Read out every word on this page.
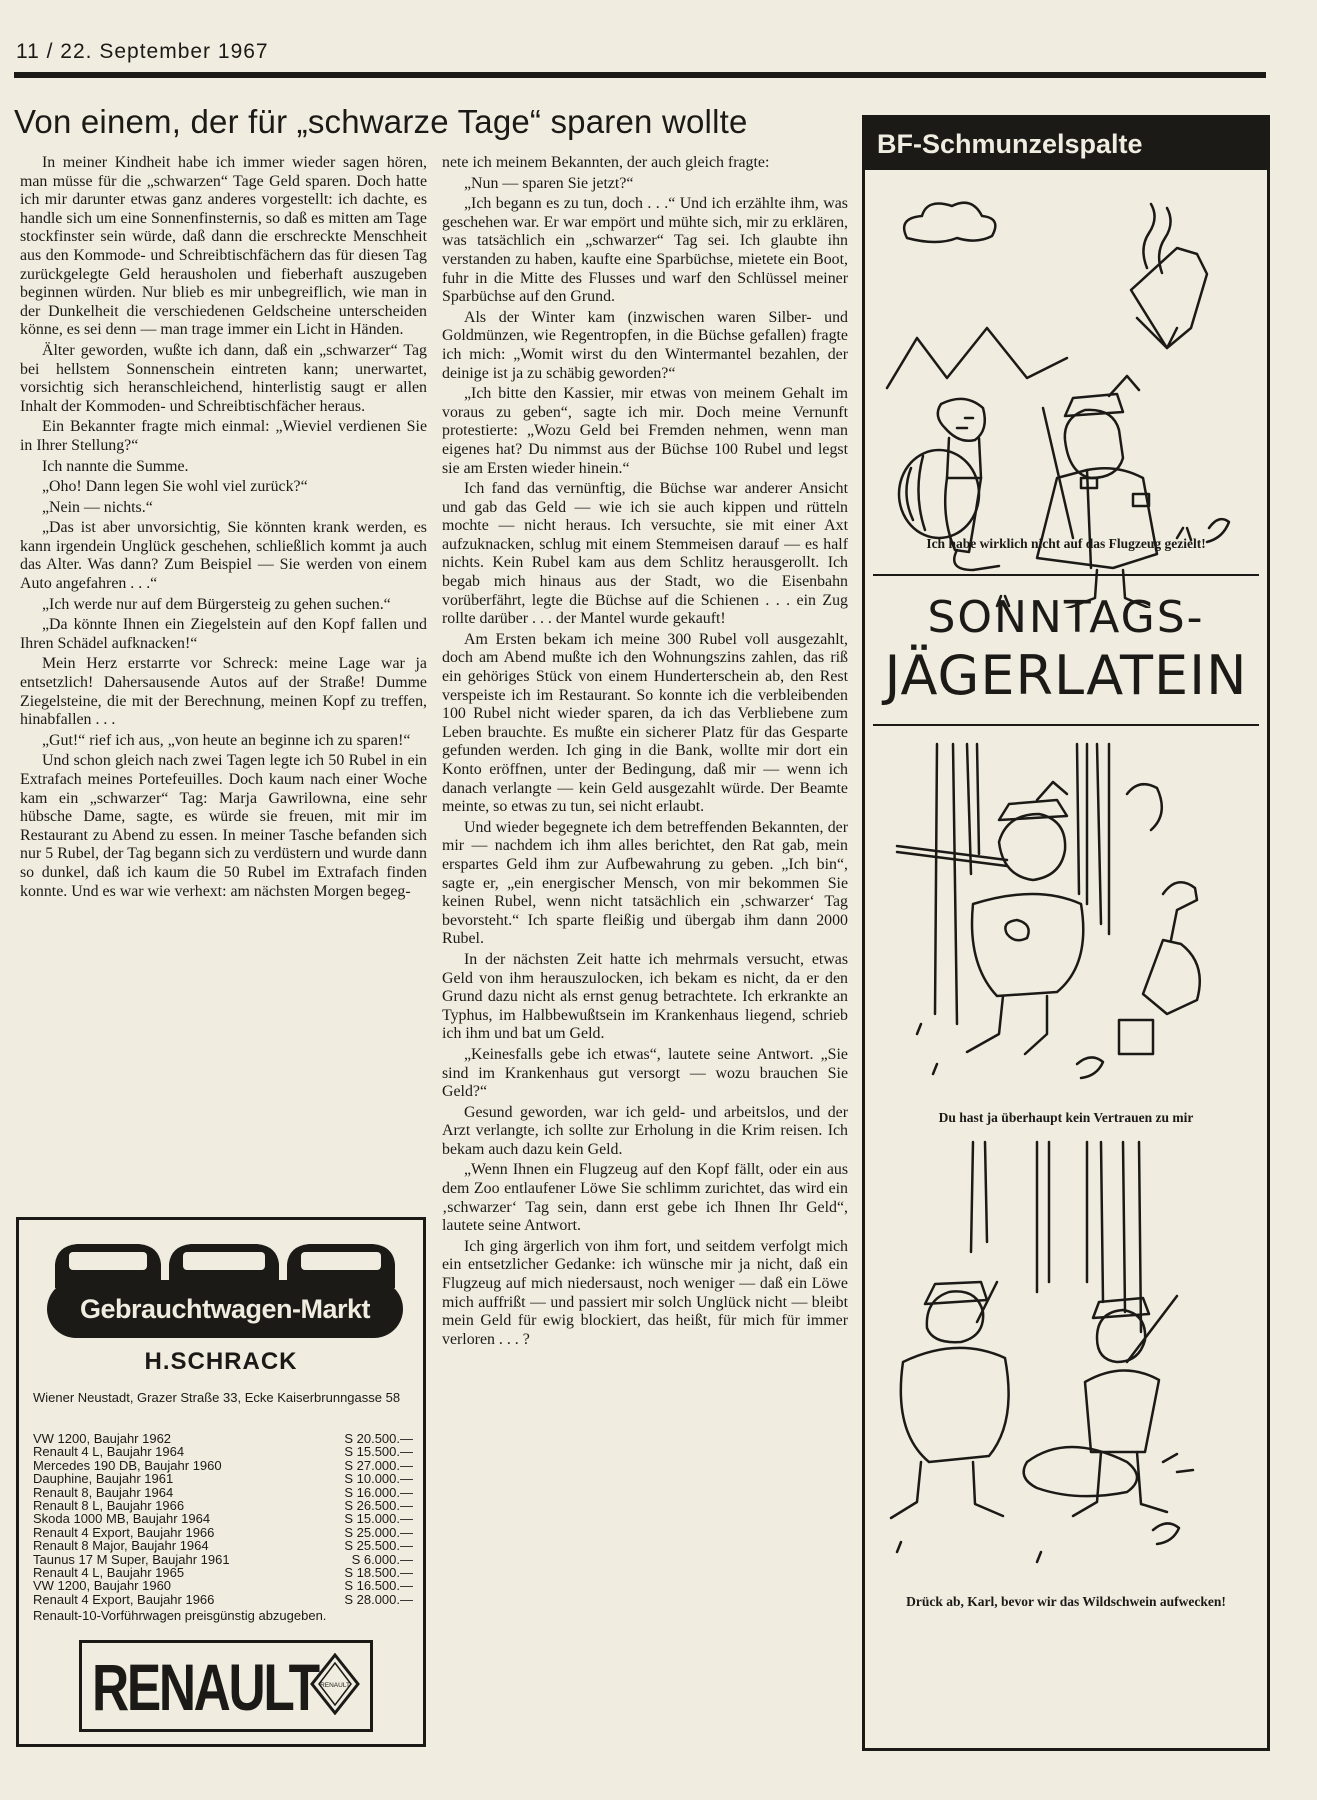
11 / 22. September 1967
Von einem, der für „schwarze Tage“ sparen wollte

In meiner Kindheit habe ich immer wieder sagen hören, man müsse für die „schwarzen“ Tage Geld sparen. Doch hatte ich mir darunter etwas ganz anderes vorgestellt: ich dachte, es handle sich um eine Sonnenfinsternis, so daß es mitten am Tage stockfinster sein würde, daß dann die erschreckte Menschheit aus den Kommode- und Schreibtischfächern das für diesen Tag zurückgelegte Geld herausholen und fieberhaft auszugeben beginnen würden. Nur blieb es mir unbegreiflich, wie man in der Dunkelheit die verschiedenen Geldscheine unterscheiden könne, es sei denn — man trage immer ein Licht in Händen.

Älter geworden, wußte ich dann, daß ein „schwarzer“ Tag bei hellstem Sonnenschein eintreten kann; unerwartet, vorsichtig sich heranschleichend, hinterlistig saugt er allen Inhalt der Kommoden- und Schreibtischfächer heraus.

Ein Bekannter fragte mich einmal: „Wieviel verdienen Sie in Ihrer Stellung?“

Ich nannte die Summe.

„Oho! Dann legen Sie wohl viel zurück?“

„Nein — nichts.“

„Das ist aber unvorsichtig, Sie könnten krank werden, es kann irgendein Unglück geschehen, schließlich kommt ja auch das Alter. Was dann? Zum Beispiel — Sie werden von einem Auto angefahren . . .“

„Ich werde nur auf dem Bürgersteig zu gehen suchen.“

„Da könnte Ihnen ein Ziegelstein auf den Kopf fallen und Ihren Schädel aufknacken!“

Mein Herz erstarrte vor Schreck: meine Lage war ja entsetzlich! Dahersausende Autos auf der Straße! Dumme Ziegelsteine, die mit der Berechnung, meinen Kopf zu treffen, hinabfallen . . .

„Gut!“ rief ich aus, „von heute an beginne ich zu sparen!“

Und schon gleich nach zwei Tagen legte ich 50 Rubel in ein Extrafach meines Portefeuilles. Doch kaum nach einer Woche kam ein „schwarzer“ Tag: Marja Gawrilowna, eine sehr hübsche Dame, sagte, es würde sie freuen, mit mir im Restaurant zu Abend zu essen. In meiner Tasche befanden sich nur 5 Rubel, der Tag begann sich zu verdüstern und wurde dann so dunkel, daß ich kaum die 50 Rubel im Extrafach finden konnte. Und es war wie verhext: am nächsten Morgen begeg-

nete ich meinem Bekannten, der auch gleich fragte:

„Nun — sparen Sie jetzt?“

„Ich begann es zu tun, doch . . .“ Und ich erzählte ihm, was geschehen war. Er war empört und mühte sich, mir zu erklären, was tatsächlich ein „schwarzer“ Tag sei. Ich glaubte ihn verstanden zu haben, kaufte eine Sparbüchse, mietete ein Boot, fuhr in die Mitte des Flusses und warf den Schlüssel meiner Sparbüchse auf den Grund.

Als der Winter kam (inzwischen waren Silber- und Goldmünzen, wie Regentropfen, in die Büchse gefallen) fragte ich mich: „Womit wirst du den Wintermantel bezahlen, der deinige ist ja zu schäbig geworden?“

„Ich bitte den Kassier, mir etwas von meinem Gehalt im voraus zu geben“, sagte ich mir. Doch meine Vernunft protestierte: „Wozu Geld bei Fremden nehmen, wenn man eigenes hat? Du nimmst aus der Büchse 100 Rubel und legst sie am Ersten wieder hinein.“

Ich fand das vernünftig, die Büchse war anderer Ansicht und gab das Geld — wie ich sie auch kippen und rütteln mochte — nicht heraus. Ich versuchte, sie mit einer Axt aufzuknacken, schlug mit einem Stemmeisen darauf — es half nichts. Kein Rubel kam aus dem Schlitz herausgerollt. Ich begab mich hinaus aus der Stadt, wo die Eisenbahn vorüberfährt, legte die Büchse auf die Schienen . . . ein Zug rollte darüber . . . der Mantel wurde gekauft!

Am Ersten bekam ich meine 300 Rubel voll ausgezahlt, doch am Abend mußte ich den Wohnungszins zahlen, das riß ein gehöriges Stück von einem Hunderterschein ab, den Rest verspeiste ich im Restaurant. So konnte ich die verbleibenden 100 Rubel nicht wieder sparen, da ich das Verbliebene zum Leben brauchte. Es mußte ein sicherer Platz für das Gesparte gefunden werden. Ich ging in die Bank, wollte mir dort ein Konto eröffnen, unter der Bedingung, daß mir — wenn ich danach verlangte — kein Geld ausgezahlt würde. Der Beamte meinte, so etwas zu tun, sei nicht erlaubt.

Und wieder begegnete ich dem betreffenden Bekannten, der mir — nachdem ich ihm alles berichtet, den Rat gab, mein erspartes Geld ihm zur Aufbewahrung zu geben. „Ich bin“, sagte er, „ein energischer Mensch, von mir bekommen Sie keinen Rubel, wenn nicht tatsächlich ein ‚schwarzer‘ Tag bevorsteht.“ Ich sparte fleißig und übergab ihm dann 2000 Rubel.

In der nächsten Zeit hatte ich mehrmals versucht, etwas Geld von ihm herauszulocken, ich bekam es nicht, da er den Grund dazu nicht als ernst genug betrachtete. Ich erkrankte an Typhus, im Halbbewußtsein im Krankenhaus liegend, schrieb ich ihm und bat um Geld.

„Keinesfalls gebe ich etwas“, lautete seine Antwort. „Sie sind im Krankenhaus gut versorgt — wozu brauchen Sie Geld?“

Gesund geworden, war ich geld- und arbeitslos, und der Arzt verlangte, ich sollte zur Erholung in die Krim reisen. Ich bekam auch dazu kein Geld.

„Wenn Ihnen ein Flugzeug auf den Kopf fällt, oder ein aus dem Zoo entlaufener Löwe Sie schlimm zurichtet, das wird ein ‚schwarzer‘ Tag sein, dann erst gebe ich Ihnen Ihr Geld“, lautete seine Antwort.

Ich ging ärgerlich von ihm fort, und seitdem verfolgt mich ein entsetzlicher Gedanke: ich wünsche mir ja nicht, daß ein Flugzeug auf mich niedersaust, noch weniger — daß ein Löwe mich auffrißt — und passiert mir solch Unglück nicht — bleibt mein Geld für ewig blockiert, das heißt, für mich für immer verloren . . . ?

Gebrauchtwagen-Markt
H.SCHRACK
Wiener Neustadt, Grazer Straße 33, Ecke Kaiserbrunngasse 58
VW 1200, Baujahr 1962	S 20.500.—
Renault 4 L, Baujahr 1964	S 15.500.—
Mercedes 190 DB, Baujahr 1960	S 27.000.—
Dauphine, Baujahr 1961	S 10.000.—
Renault 8, Baujahr 1964	S 16.000.—
Renault 8 L, Baujahr 1966	S 26.500.—
Skoda 1000 MB, Baujahr 1964	S 15.000.—
Renault 4 Export, Baujahr 1966	S 25.000.—
Renault 8 Major, Baujahr 1964	S 25.500.—
Taunus 17 M Super, Baujahr 1961	S 6.000.—
Renault 4 L, Baujahr 1965	S 18.500.—
VW 1200, Baujahr 1960	S 16.500.—
Renault 4 Export, Baujahr 1966	S 28.000.—
Renault-10-Vorführwagen preisgünstig abzugeben.
RENAULT RENAULT
BF-Schmunzelspalte
Ich habe wirklich nicht auf das Flugzeug gezielt!
SONNTAGS-
JÄGERLATEIN
Du hast ja überhaupt kein Vertrauen zu mir
Drück ab, Karl, bevor wir das Wildschwein aufwecken!
